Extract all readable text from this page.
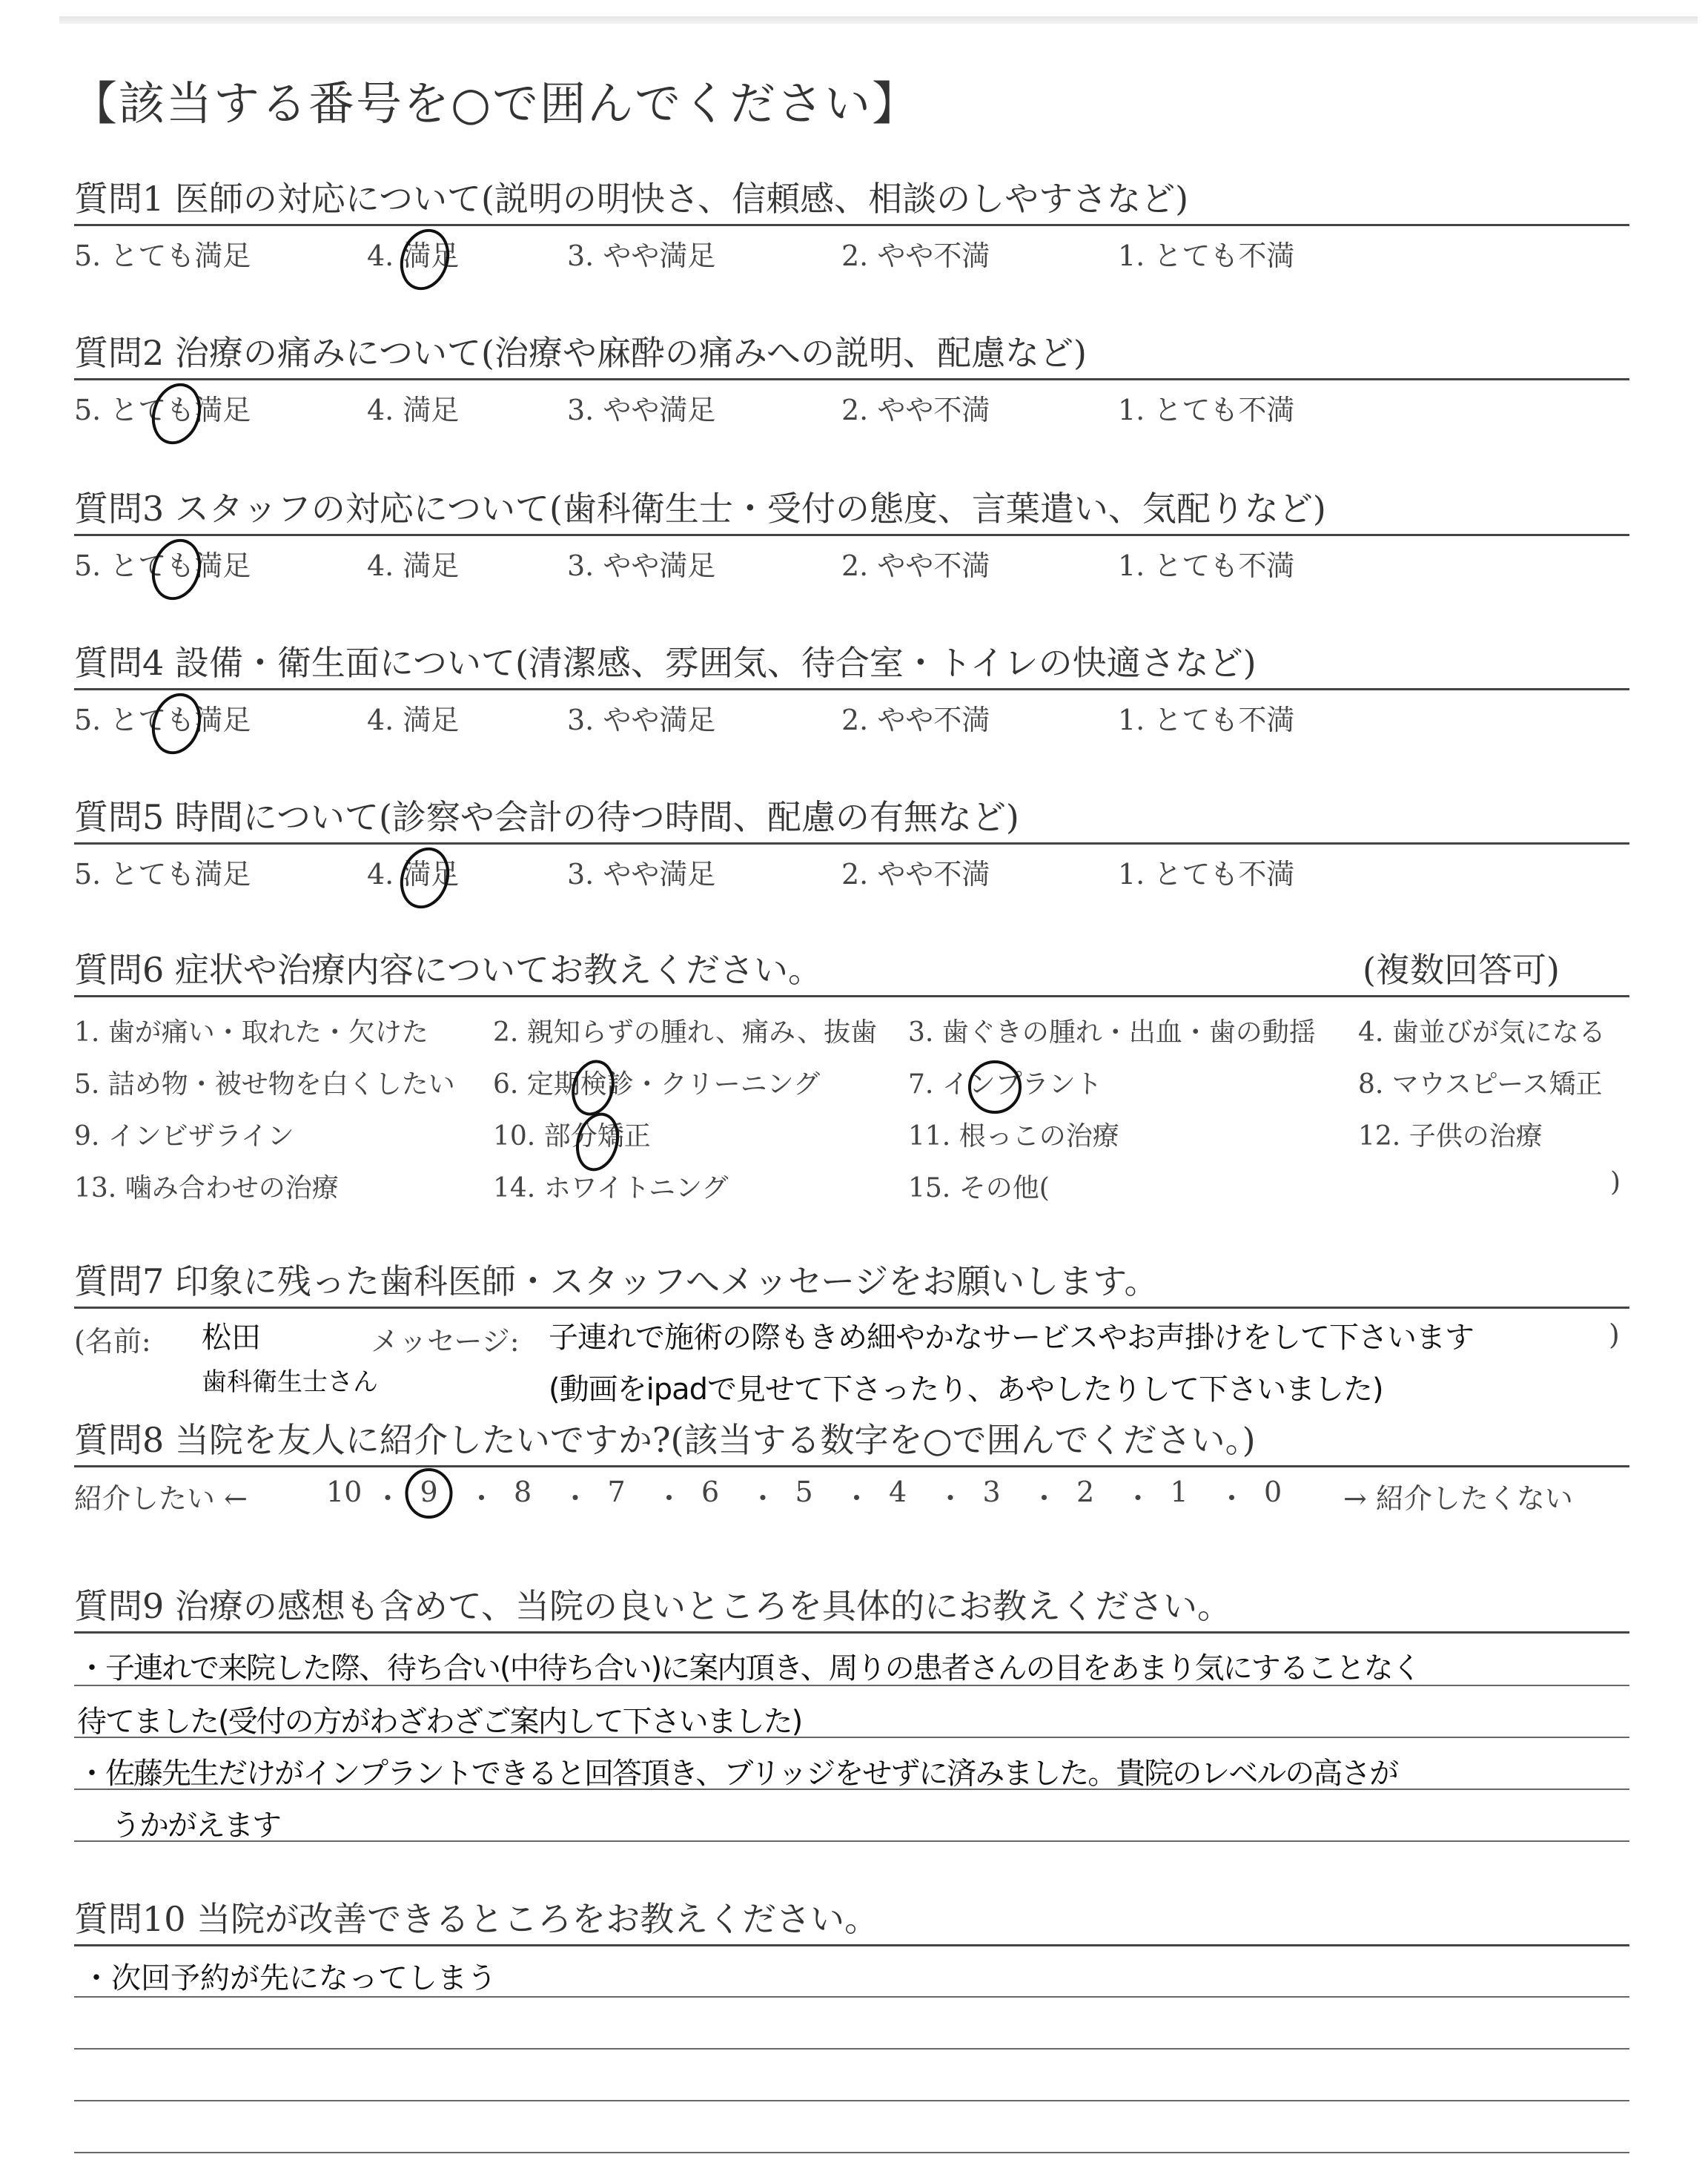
【該当する番号を○で囲んでください】
質問1 医師の対応について(説明の明快さ、信頼感、相談のしやすさなど)
5. とても満足	4. 満足	3. やや満足	2. やや不満	1. とても不満
質問2 治療の痛みについて(治療や麻酔の痛みへの説明、配慮など)
5. とても満足	4. 満足	3. やや満足	2. やや不満	1. とても不満
質問3 スタッフの対応について(歯科衛生士・受付の態度、言葉遣い、気配りなど)
5. とても満足	4. 満足	3. やや満足	2. やや不満	1. とても不満
質問4 設備・衛生面について(清潔感、雰囲気、待合室・トイレの快適さなど)
5. とても満足	4. 満足	3. やや満足	2. やや不満	1. とても不満
質問5 時間について(診察や会計の待つ時間、配慮の有無など)
5. とても満足	4. 満足	3. やや満足	2. やや不満	1. とても不満
質問6 症状や治療内容についてお教えください。	(複数回答可)
1. 歯が痛い・取れた・欠けた 2. 親知らずの腫れ、痛み、抜歯 3. 歯ぐきの腫れ・出血・歯の動揺 4. 歯並びが気になる
5. 詰め物・被せ物を白くしたい 6. 定期検診・クリーニング	7. インプラント	8. マウスピース矯正
9. インビザライン	10. 部分矯正	11. 根っこの治療	12. 子供の治療
13. 噛み合わせの治療	14. ホワイトニング	15. その他(	)
質問7 印象に残った歯科医師・スタッフへメッセージをお願いします。
(名前: 松田
歯科衛生士さん
メッセージ: 子連れで施術の際もきめ細やかなサービスやお声掛けをして下さいます
(動画をipadで見せて下さったり、あやしたりして下さいました)
)
質問8 当院を友人に紹介したいですか?(該当する数字を○で囲んでください。)
紹介したい ←	10 ・ 9 ・ 8 ・ 7 ・ 6 ・ 5 ・ 4 ・ 3 ・ 2 ・ 1 ・ 0 → 紹介したくない
質問9 治療の感想も含めて、当院の良いところを具体的にお教えください。
・子連れで来院した際、待ち合い(中待ち合い)に案内頂き、周りの患者さんの目をあまり気にすることなく
待てました(受付の方がわざわざご案内して下さいました)
・佐藤先生だけがインプラントできると回答頂き、ブリッジをせずに済みました。貴院のレベルの高さが
うかがえます
質問10 当院が改善できるところをお教えください。
・次回予約が先になってしまう
